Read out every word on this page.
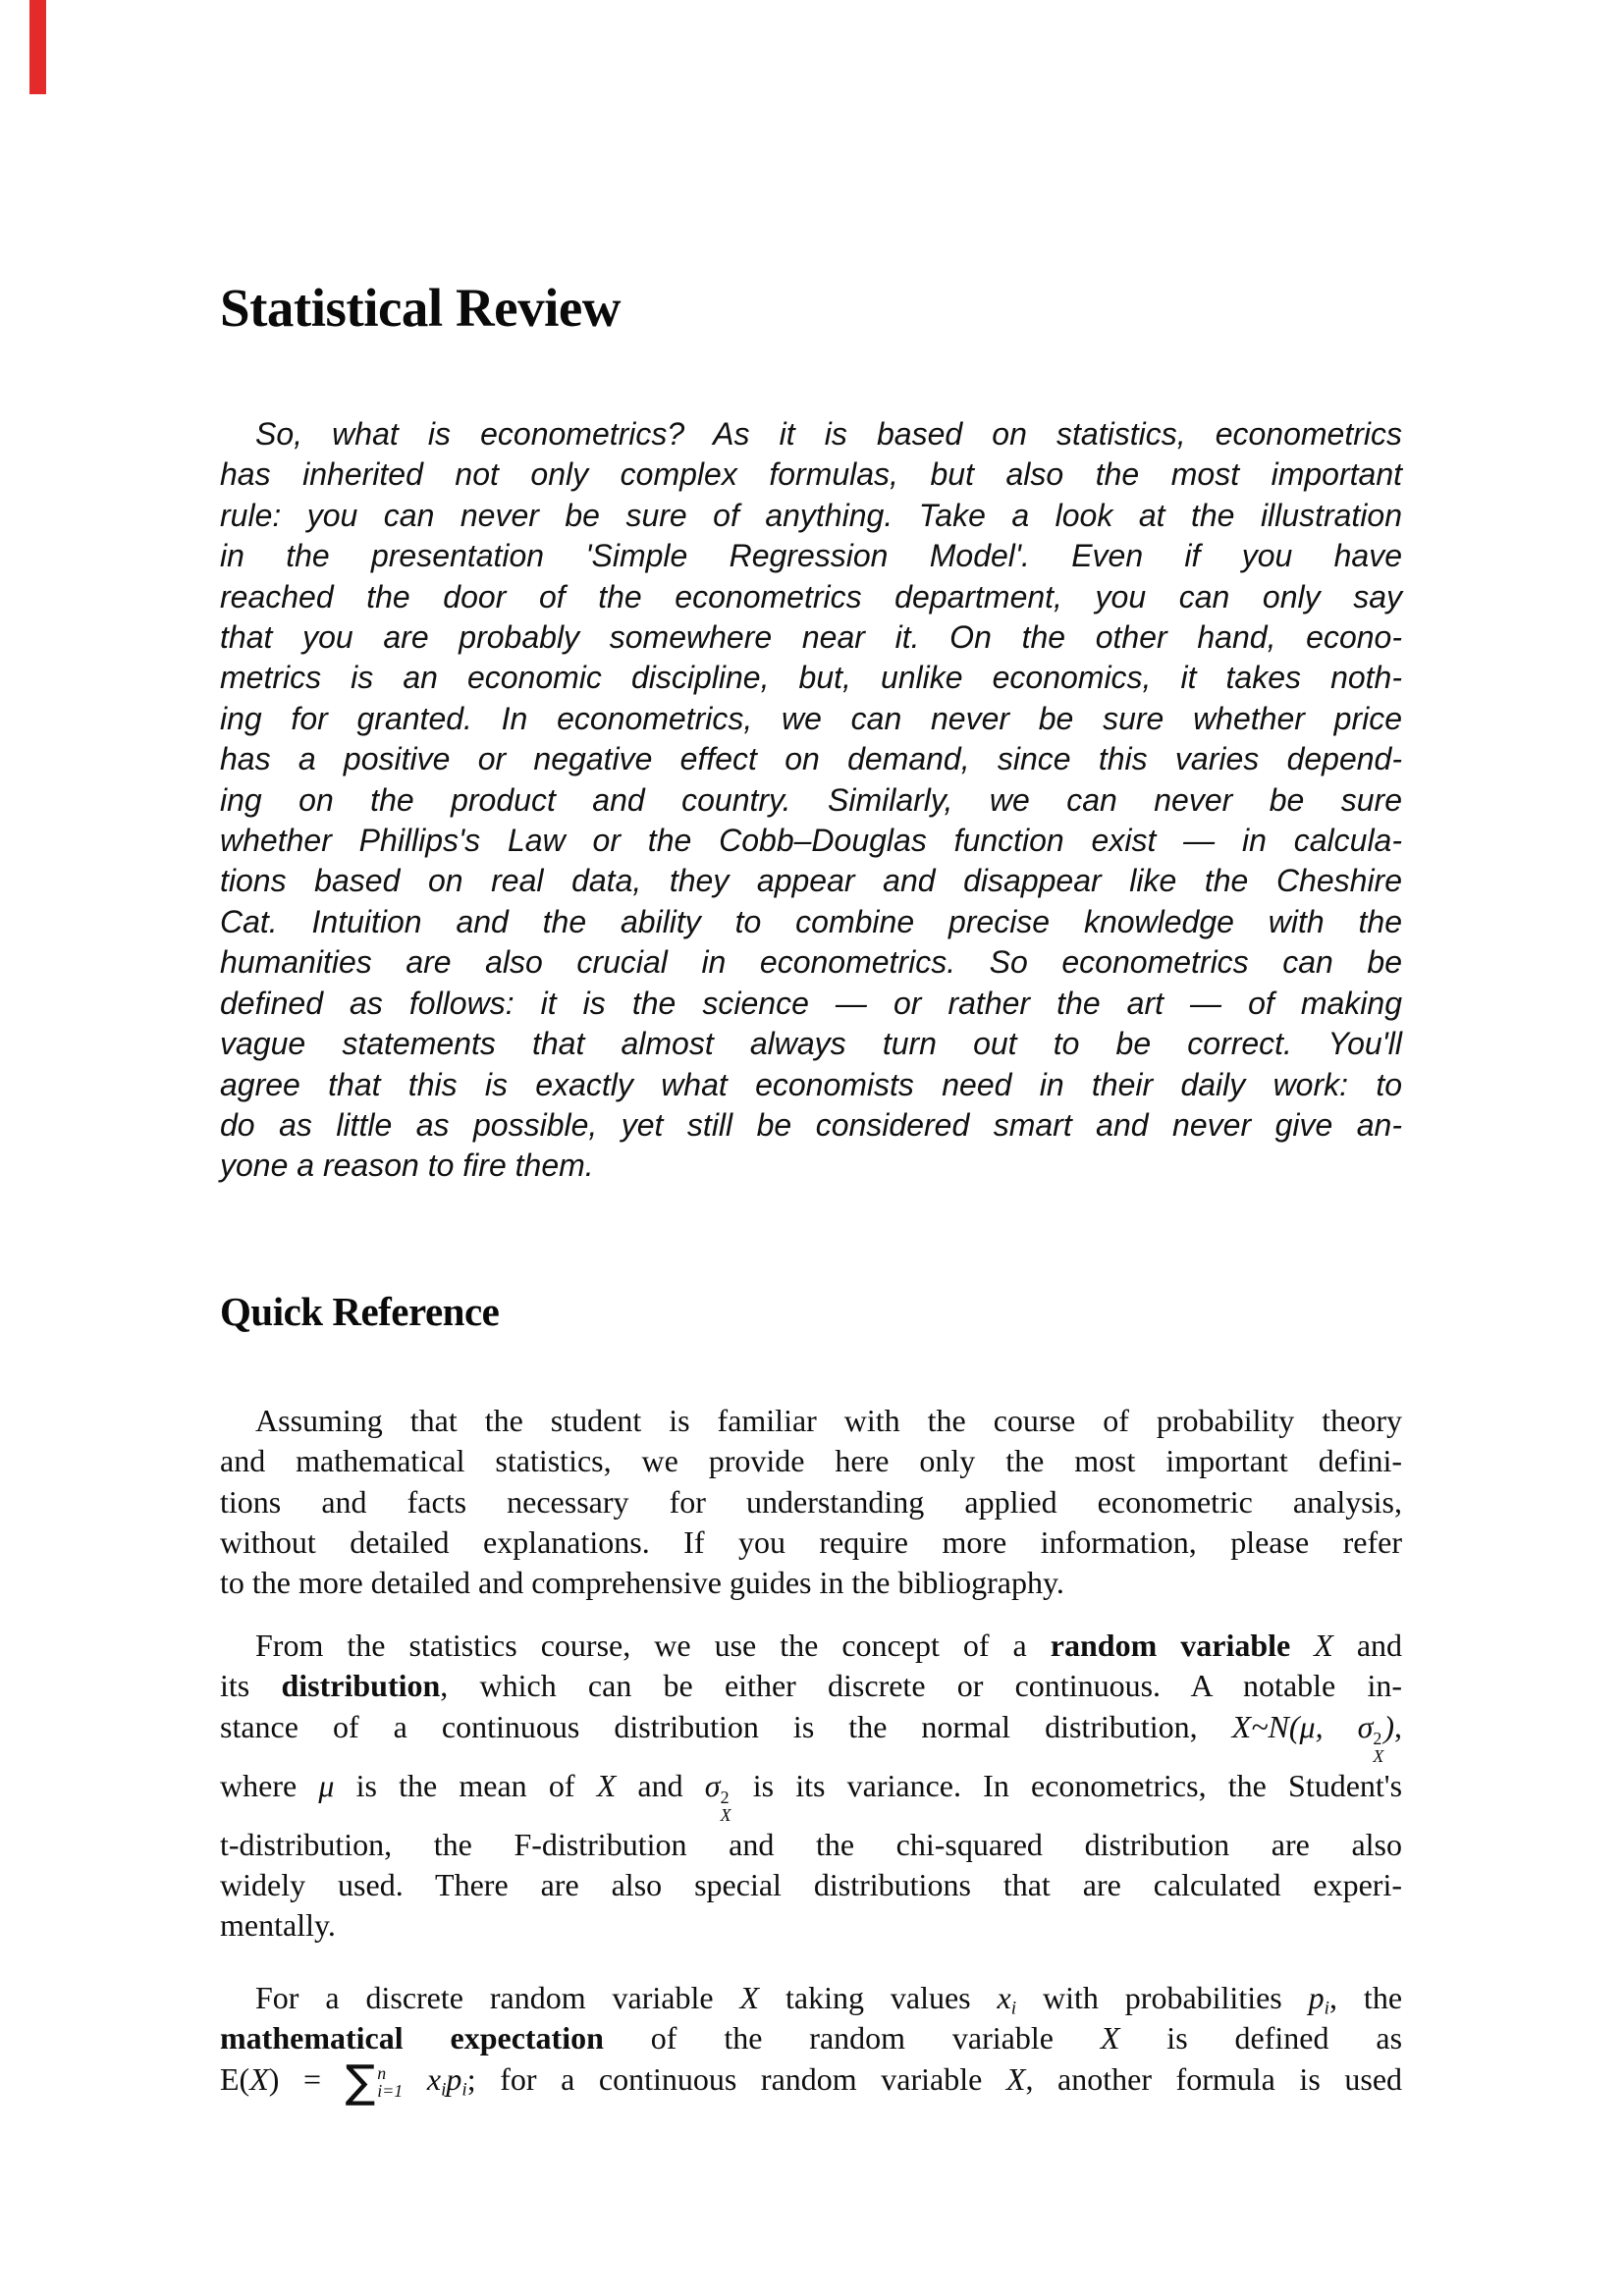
Statistical Review
So, what is econometrics? As it is based on statistics, econometrics
has inherited not only complex formulas, but also the most important
rule: you can never be sure of anything. Take a look at the illustration
in the presentation 'Simple Regression Model'. Even if you have
reached the door of the econometrics department, you can only say
that you are probably somewhere near it. On the other hand, econo-
metrics is an economic discipline, but, unlike economics, it takes noth-
ing for granted. In econometrics, we can never be sure whether price
has a positive or negative effect on demand, since this varies depend-
ing on the product and country. Similarly, we can never be sure
whether Phillips's Law or the Cobb–Douglas function exist — in calcula-
tions based on real data, they appear and disappear like the Cheshire
Cat. Intuition and the ability to combine precise knowledge with the
humanities are also crucial in econometrics. So econometrics can be
defined as follows: it is the science — or rather the art — of making
vague statements that almost always turn out to be correct. You'll
agree that this is exactly what economists need in their daily work: to
do as little as possible, yet still be considered smart and never give an-
yone a reason to fire them.
Quick Reference
Assuming that the student is familiar with the course of probability theory
and mathematical statistics, we provide here only the most important defini-
tions and facts necessary for understanding applied econometric analysis,
without detailed explanations. If you require more information, please refer
to the more detailed and comprehensive guides in the bibliography.
From the statistics course, we use the concept of a random variable X and
its distribution, which can be either discrete or continuous. A notable in-
stance of a continuous distribution is the normal distribution, X~N(μ, σ 2
X
),
where μ is the mean of X and σ 2
X
is its variance. In econometrics, the Student's
t-distribution, the F-distribution and the chi-squared distribution are also
widely used. There are also special distributions that are calculated experi-
mentally.
For a discrete random variable X taking values xi with probabilities pi, the
mathematical expectation of the random variable X is defined as
E(X) = ∑ n
i=1 xipi; for a continuous random variable X, another formula is used
